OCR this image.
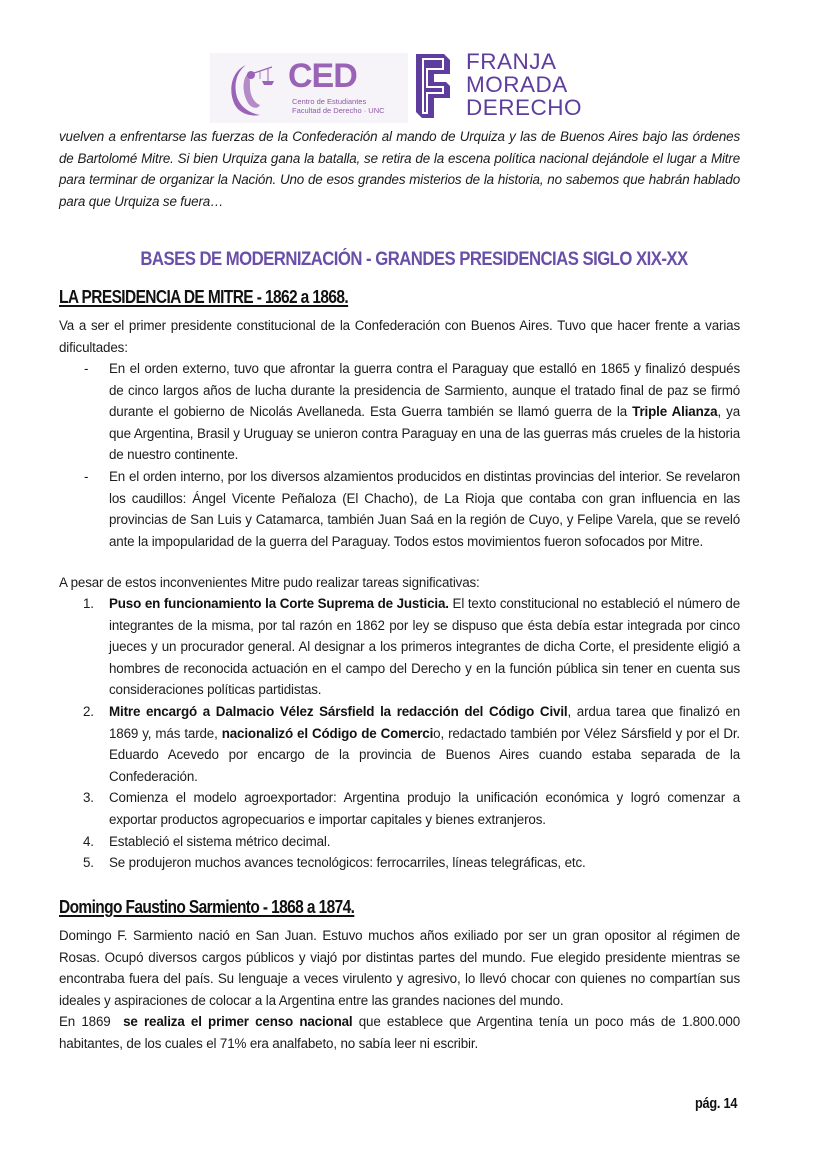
CED
Centro de Estudiantes
Facultad de Derecho · UNC
FRANJA
MORADA
DERECHO
vuelven a enfrentarse las fuerzas de la Confederación al mando de Urquiza y las de Buenos Aires bajo las órdenes de Bartolomé Mitre. Si bien Urquiza gana la batalla, se retira de la escena política nacional dejándole el lugar a Mitre para terminar de organizar la Nación. Uno de esos grandes misterios de la historia, no sabemos que habrán hablado para que Urquiza se fuera…
BASES DE MODERNIZACIÓN - GRANDES PRESIDENCIAS SIGLO XIX-XX
LA PRESIDENCIA DE MITRE - 1862 a 1868.
Va a ser el primer presidente constitucional de la Confederación con Buenos Aires. Tuvo que hacer frente a varias dificultades:
- En el orden externo, tuvo que afrontar la guerra contra el Paraguay que estalló en 1865 y finalizó después de cinco largos años de lucha durante la presidencia de Sarmiento, aunque el tratado final de paz se firmó durante el gobierno de Nicolás Avellaneda. Esta Guerra también se llamó guerra de la Triple Alianza, ya que Argentina, Brasil y Uruguay se unieron contra Paraguay en una de las guerras más crueles de la historia de nuestro continente.
- En el orden interno, por los diversos alzamientos producidos en distintas provincias del interior. Se revelaron los caudillos: Ángel Vicente Peñaloza (El Chacho), de La Rioja que contaba con gran influencia en las provincias de San Luis y Catamarca, también Juan Saá en la región de Cuyo, y Felipe Varela, que se reveló ante la impopularidad de la guerra del Paraguay. Todos estos movimientos fueron sofocados por Mitre.
A pesar de estos inconvenientes Mitre pudo realizar tareas significativas:
1. Puso en funcionamiento la Corte Suprema de Justicia. El texto constitucional no estableció el número de integrantes de la misma, por tal razón en 1862 por ley se dispuso que ésta debía estar integrada por cinco jueces y un procurador general. Al designar a los primeros integrantes de dicha Corte, el presidente eligió a hombres de reconocida actuación en el campo del Derecho y en la función pública sin tener en cuenta sus consideraciones políticas partidistas.
2. Mitre encargó a Dalmacio Vélez Sársfield la redacción del Código Civil, ardua tarea que finalizó en 1869 y, más tarde, nacionalizó el Código de Comercio, redactado también por Vélez Sársfield y por el Dr. Eduardo Acevedo por encargo de la provincia de Buenos Aires cuando estaba separada de la Confederación.
3. Comienza el modelo agroexportador: Argentina produjo la unificación económica y logró comenzar a exportar productos agropecuarios e importar capitales y bienes extranjeros.
4. Estableció el sistema métrico decimal.
5. Se produjeron muchos avances tecnológicos: ferrocarriles, líneas telegráficas, etc.
Domingo Faustino Sarmiento - 1868 a 1874.
Domingo F. Sarmiento nació en San Juan. Estuvo muchos años exiliado por ser un gran opositor al régimen de Rosas. Ocupó diversos cargos públicos y viajó por distintas partes del mundo. Fue elegido presidente mientras se encontraba fuera del país. Su lenguaje a veces virulento y agresivo, lo llevó chocar con quienes no compartían sus ideales y aspiraciones de colocar a la Argentina entre las grandes naciones del mundo.
En 1869  se realiza el primer censo nacional que establece que Argentina tenía un poco más de 1.800.000 habitantes, de los cuales el 71% era analfabeto, no sabía leer ni escribir.
pág. 14
